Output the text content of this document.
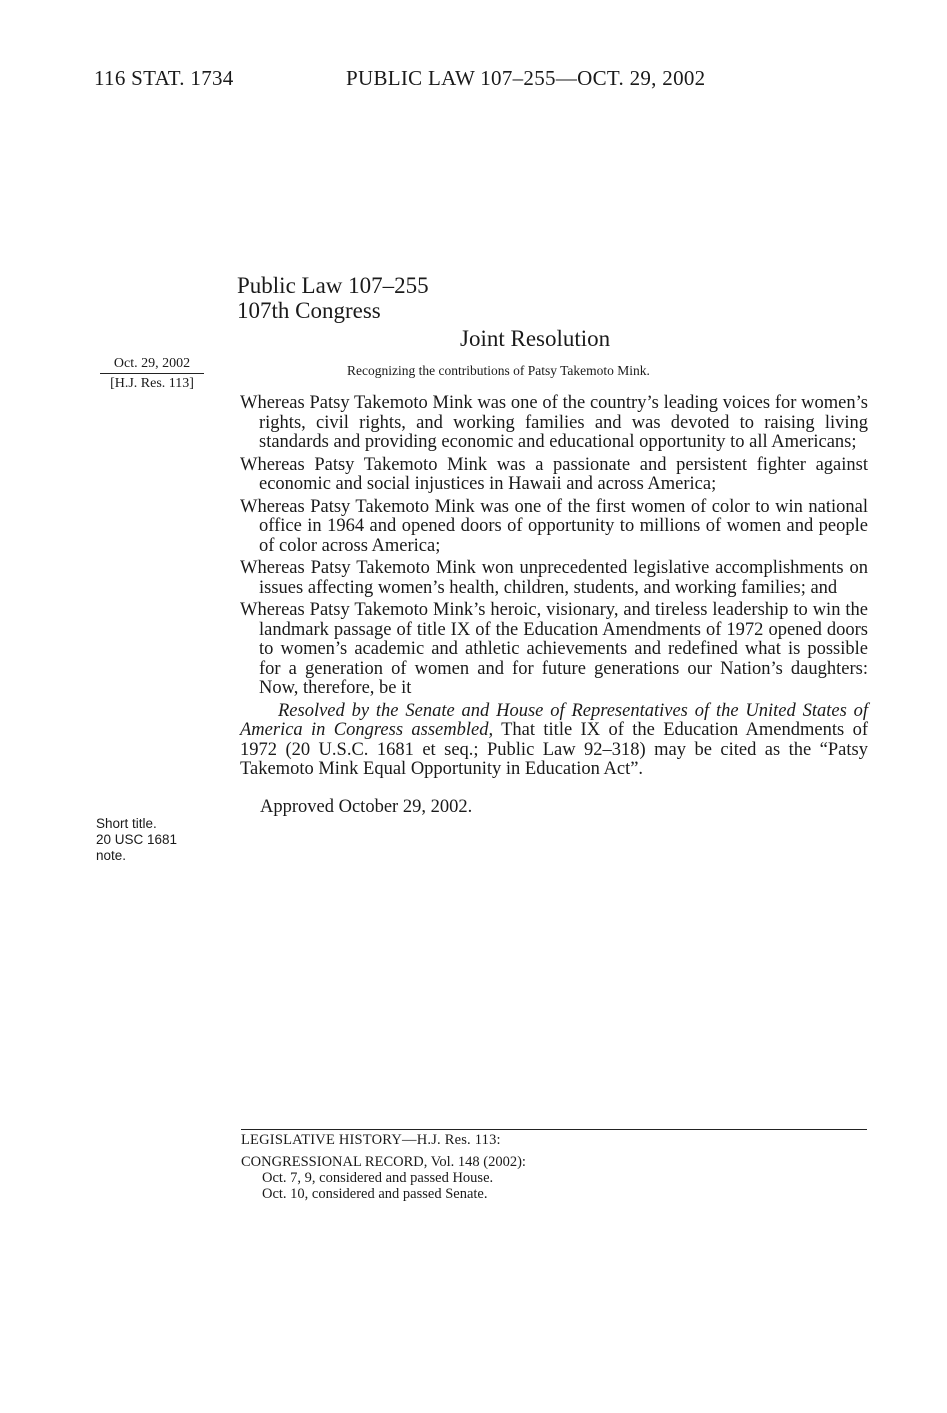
116 STAT. 1734	PUBLIC LAW 107–255—OCT. 29, 2002
Public Law 107–255
107th Congress
Joint Resolution
Oct. 29, 2002
[H.J. Res. 113]
Recognizing the contributions of Patsy Takemoto Mink.

Whereas Patsy Takemoto Mink was one of the country’s leading voices for women’s rights, civil rights, and working families and was devoted to raising living standards and providing economic and educational opportunity to all Americans;

Whereas Patsy Takemoto Mink was a passionate and persistent fighter against economic and social injustices in Hawaii and across America;

Whereas Patsy Takemoto Mink was one of the first women of color to win national office in 1964 and opened doors of opportunity to millions of women and people of color across America;

Whereas Patsy Takemoto Mink won unprecedented legislative accomplishments on issues affecting women’s health, children, students, and working families; and

Whereas Patsy Takemoto Mink’s heroic, visionary, and tireless leadership to win the landmark passage of title IX of the Education Amendments of 1972 opened doors to women’s academic and athletic achievements and redefined what is possible for a generation of women and for future generations our Nation’s daughters: Now, therefore, be it

Resolved by the Senate and House of Representatives of the United States of America in Congress assembled, That title IX of the Education Amendments of 1972 (20 U.S.C. 1681 et seq.; Public Law 92–318) may be cited as the “Patsy Takemoto Mink Equal Opportunity in Education Act”.

Approved October 29, 2002.

Short title.
20 USC 1681
note.
LEGISLATIVE HISTORY—H.J. Res. 113:
CONGRESSIONAL RECORD, Vol. 148 (2002):
Oct. 7, 9, considered and passed House.
Oct. 10, considered and passed Senate.
